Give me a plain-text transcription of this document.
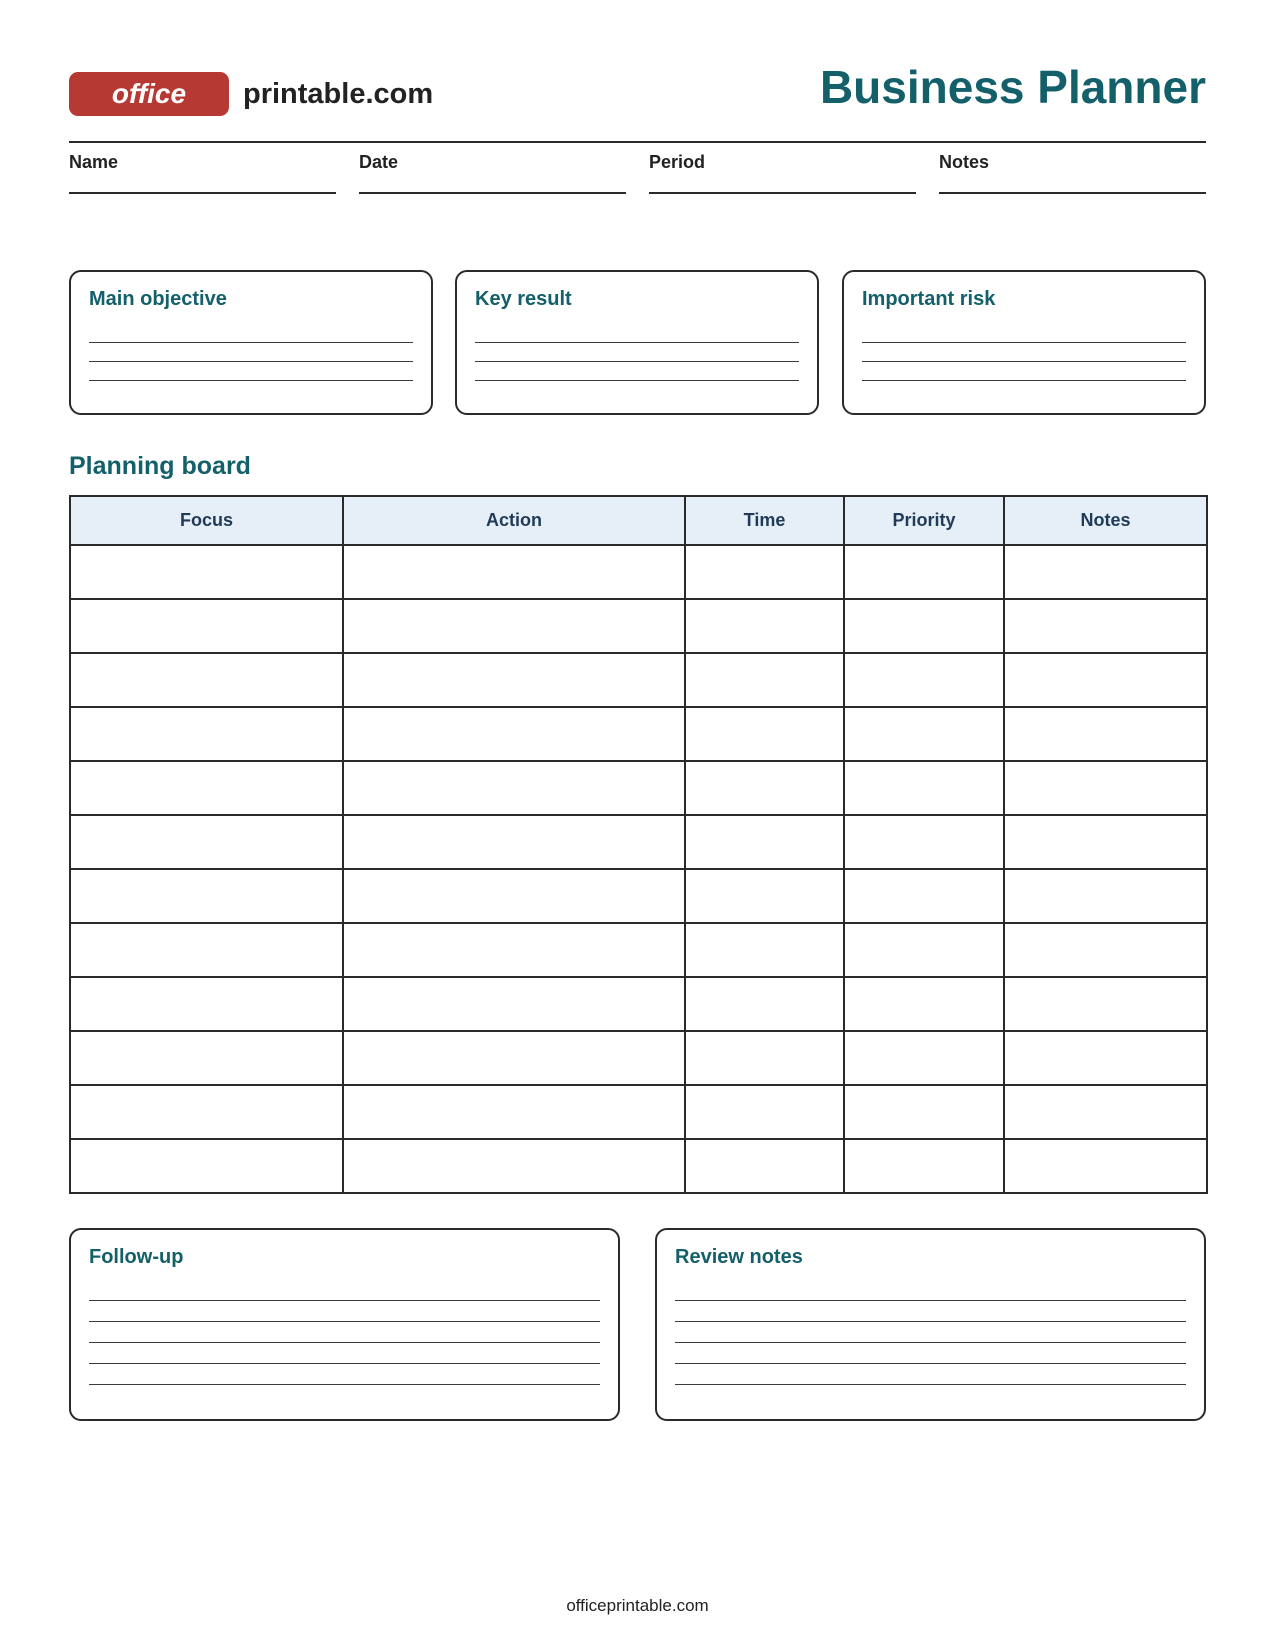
office	printable.com	Business Planner
Name	Date	Period	Notes
Main objective	Key result	Important risk
Planning board
Focus	Action	Time	Priority	Notes

Follow-up	Review notes
officeprintable.com
